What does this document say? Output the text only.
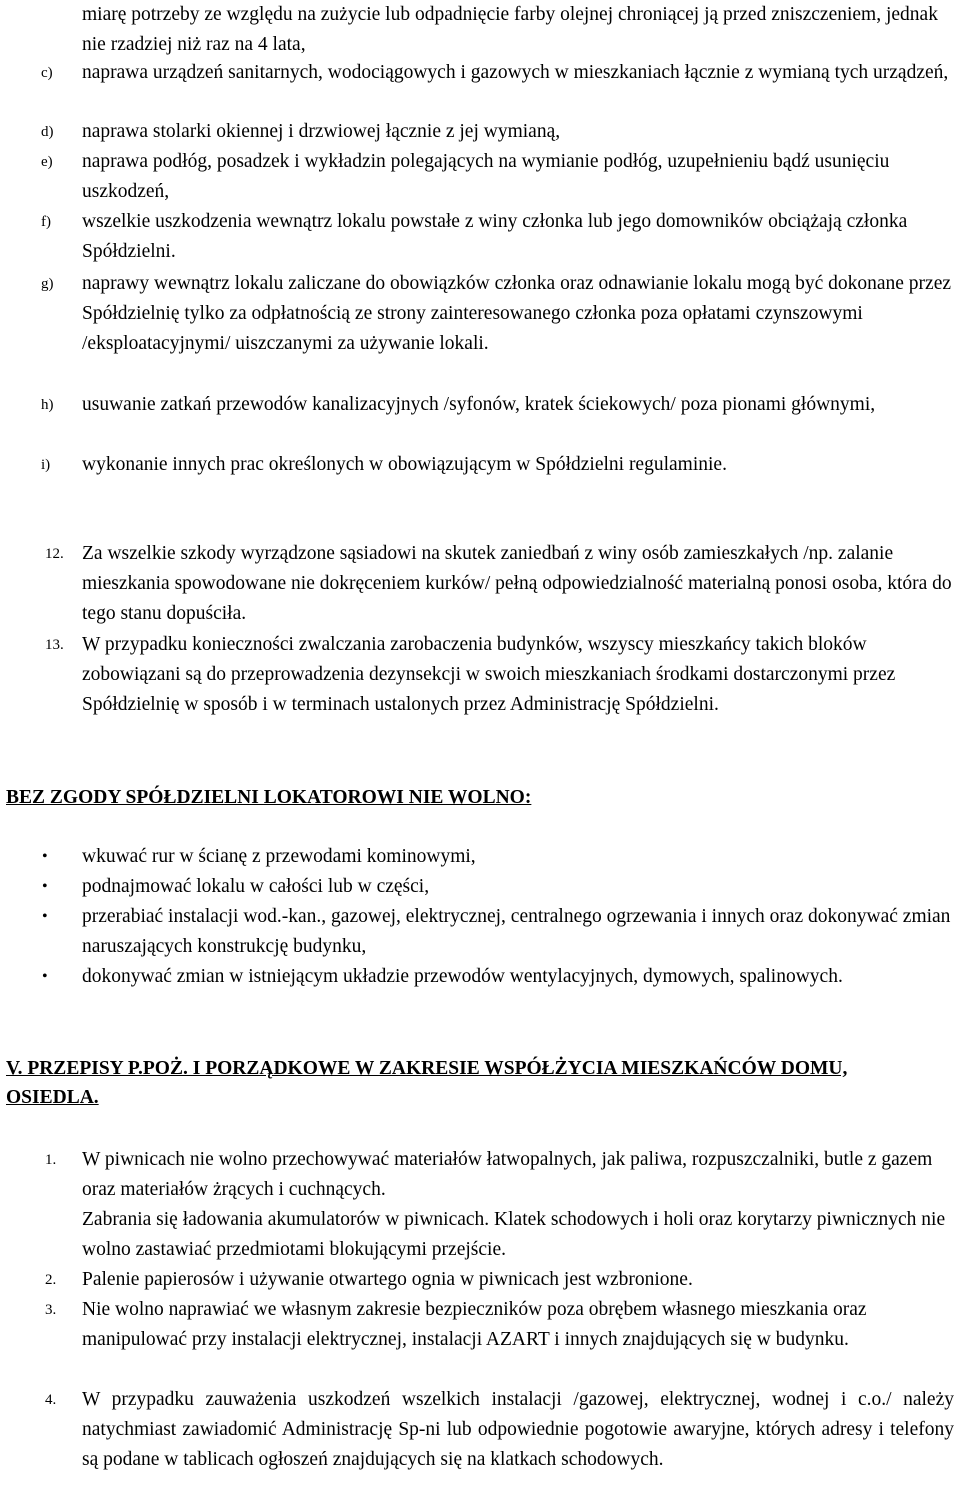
miarę potrzeby ze względu na zużycie lub odpadnięcie farby olejnej chroniącej ją przed zniszczeniem, jednak nie rzadziej niż raz na 4 lata,

c) naprawa urządzeń sanitarnych, wodociągowych i gazowych w mieszkaniach łącznie z wymianą tych urządzeń,

d) naprawa stolarki okiennej i drzwiowej łącznie z jej wymianą,

e) naprawa podłóg, posadzek i wykładzin polegających na wymianie podłóg, uzupełnieniu bądź usunięciu uszkodzeń,

f) wszelkie uszkodzenia wewnątrz lokalu powstałe z winy członka lub jego domowników obciążają członka Spółdzielni.

g) naprawy wewnątrz lokalu zaliczane do obowiązków członka oraz odnawianie lokalu mogą być dokonane przez Spółdzielnię tylko za odpłatnością ze strony zainteresowanego członka poza opłatami czynszowymi /eksploatacyjnymi/ uiszczanymi za używanie lokali.

h) usuwanie zatkań przewodów kanalizacyjnych /syfonów, kratek ściekowych/ poza pionami głównymi,

i) wykonanie innych prac określonych w obowiązującym w Spółdzielni regulaminie.

12. Za wszelkie szkody wyrządzone sąsiadowi na skutek zaniedbań z winy osób zamieszkałych /np. zalanie mieszkania spowodowane nie dokręceniem kurków/ pełną odpowiedzialność materialną ponosi osoba, która do tego stanu dopuściła.

13. W przypadku konieczności zwalczania zarobaczenia budynków, wszyscy mieszkańcy takich bloków zobowiązani są do przeprowadzenia dezynsekcji w swoich mieszkaniach środkami dostarczonymi przez Spółdzielnię w sposób i w terminach ustalonych przez Administrację Spółdzielni.

BEZ ZGODY SPÓŁDZIELNI LOKATOROWI NIE WOLNO:

• wkuwać rur w ścianę z przewodami kominowymi,

• podnajmować lokalu w całości lub w części,

• przerabiać instalacji wod.-kan., gazowej, elektrycznej, centralnego ogrzewania i innych oraz dokonywać zmian naruszających konstrukcję budynku,

• dokonywać zmian w istniejącym układzie przewodów wentylacyjnych, dymowych, spalinowych.

V. PRZEPISY P.POŻ. I PORZĄDKOWE W ZAKRESIE WSPÓŁŻYCIA MIESZKAŃCÓW DOMU, OSIEDLA.

1. W piwnicach nie wolno przechowywać materiałów łatwopalnych, jak paliwa, rozpuszczalniki, butle z gazem oraz materiałów żrących i cuchnących.

Zabrania się ładowania akumulatorów w piwnicach. Klatek schodowych i holi oraz korytarzy piwnicznych nie wolno zastawiać przedmiotami blokującymi przejście.

2. Palenie papierosów i używanie otwartego ognia w piwnicach jest wzbronione.

3. Nie wolno naprawiać we własnym zakresie bezpieczników poza obrębem własnego mieszkania oraz manipulować przy instalacji elektrycznej, instalacji AZART i innych znajdujących się w budynku.

4. W przypadku zauważenia uszkodzeń wszelkich instalacji /gazowej, elektrycznej, wodnej i c.o./ należy natychmiast zawiadomić Administrację Sp-ni lub odpowiednie pogotowie awaryjne, których adresy i telefony są podane w tablicach ogłoszeń znajdujących się na klatkach schodowych.
